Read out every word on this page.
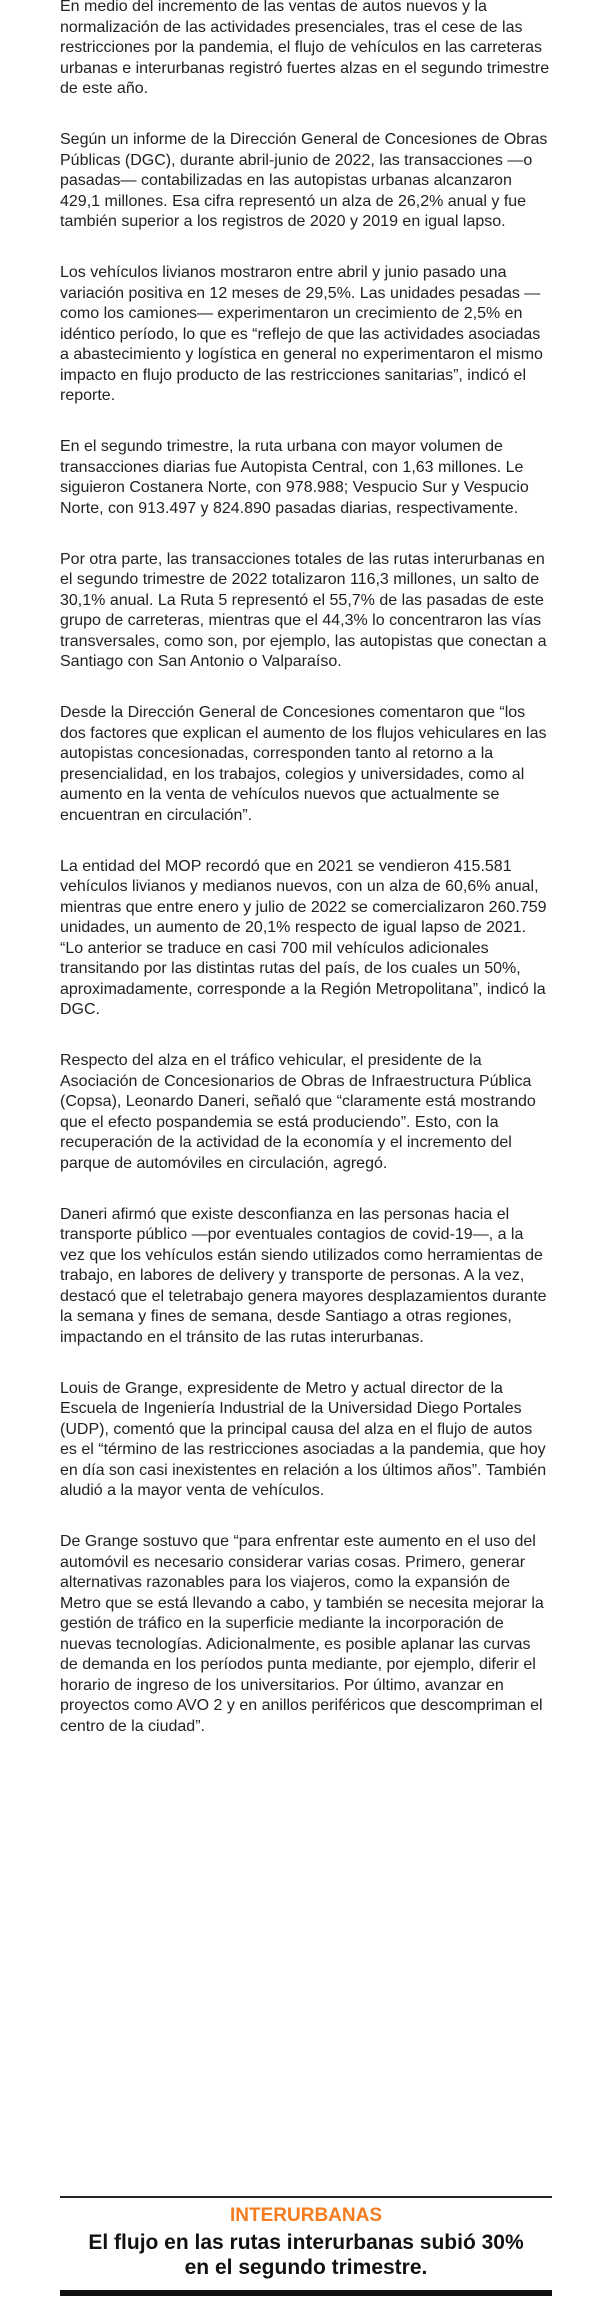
En medio del incremento de las ventas de autos nuevos y la normalización de las actividades presenciales, tras el cese de las restricciones por la pandemia, el flujo de vehículos en las carreteras urbanas e interurbanas registró fuertes alzas en el segundo trimestre de este año.

Según un informe de la Dirección General de Concesiones de Obras Públicas (DGC), durante abril-junio de 2022, las transacciones —o pasadas— contabilizadas en las autopistas urbanas alcanzaron 429,1 millones. Esa cifra representó un alza de 26,2% anual y fue también superior a los registros de 2020 y 2019 en igual lapso.

Los vehículos livianos mostraron entre abril y junio pasado una variación positiva en 12 meses de 29,5%. Las unidades pesadas —como los camiones— experimentaron un crecimiento de 2,5% en idéntico período, lo que es “reflejo de que las actividades asociadas a abastecimiento y logística en general no experimentaron el mismo impacto en flujo producto de las restricciones sanitarias”, indicó el reporte.

En el segundo trimestre, la ruta urbana con mayor volumen de transacciones diarias fue Autopista Central, con 1,63 millones. Le siguieron Costanera Norte, con 978.988; Vespucio Sur y Vespucio Norte, con 913.497 y 824.890 pasadas diarias, respectivamente.

Por otra parte, las transacciones totales de las rutas interurbanas en el segundo trimestre de 2022 totalizaron 116,3 millones, un salto de 30,1% anual. La Ruta 5 representó el 55,7% de las pasadas de este grupo de carreteras, mientras que el 44,3% lo concentraron las vías transversales, como son, por ejemplo, las autopistas que conectan a Santiago con San Antonio o Valparaíso.

Desde la Dirección General de Concesiones comentaron que “los dos factores que explican el aumento de los flujos vehiculares en las autopistas concesionadas, corresponden tanto al retorno a la presencialidad, en los trabajos, colegios y universidades, como al aumento en la venta de vehículos nuevos que actualmente se encuentran en circulación”.

La entidad del MOP recordó que en 2021 se vendieron 415.581 vehículos livianos y medianos nuevos, con un alza de 60,6% anual, mientras que entre enero y julio de 2022 se comercializaron 260.759 unidades, un aumento de 20,1% respecto de igual lapso de 2021. “Lo anterior se traduce en casi 700 mil vehículos adicionales transitando por las distintas rutas del país, de los cuales un 50%, aproximadamente, corresponde a la Región Metropolitana”, indicó la DGC.

Respecto del alza en el tráfico vehicular, el presidente de la Asociación de Concesionarios de Obras de Infraestructura Pública (Copsa), Leonardo Daneri, señaló que “claramente está mostrando que el efecto pospandemia se está produciendo”. Esto, con la recuperación de la actividad de la economía y el incremento del parque de automóviles en circulación, agregó.

Daneri afirmó que existe desconfianza en las personas hacia el transporte público —por eventuales contagios de covid-19—, a la vez que los vehículos están siendo utilizados como herramientas de trabajo, en labores de delivery y transporte de personas. A la vez, destacó que el teletrabajo genera mayores desplazamientos durante la semana y fines de semana, desde Santiago a otras regiones, impactando en el tránsito de las rutas interurbanas.

Louis de Grange, expresidente de Metro y actual director de la Escuela de Ingeniería Industrial de la Universidad Diego Portales (UDP), comentó que la principal causa del alza en el flujo de autos es el “término de las restricciones asociadas a la pandemia, que hoy en día son casi inexistentes en relación a los últimos años”. También aludió a la mayor venta de vehículos.

De Grange sostuvo que “para enfrentar este aumento en el uso del automóvil es necesario considerar varias cosas. Primero, generar alternativas razonables para los viajeros, como la expansión de Metro que se está llevando a cabo, y también se necesita mejorar la gestión de tráfico en la superficie mediante la incorporación de nuevas tecnologías. Adicionalmente, es posible aplanar las curvas de demanda en los períodos punta mediante, por ejemplo, diferir el horario de ingreso de los universitarios. Por último, avanzar en proyectos como AVO 2 y en anillos periféricos que descompriman el centro de la ciudad”.

INTERURBANAS
El flujo en las rutas interurbanas subió 30% en el segundo trimestre.
